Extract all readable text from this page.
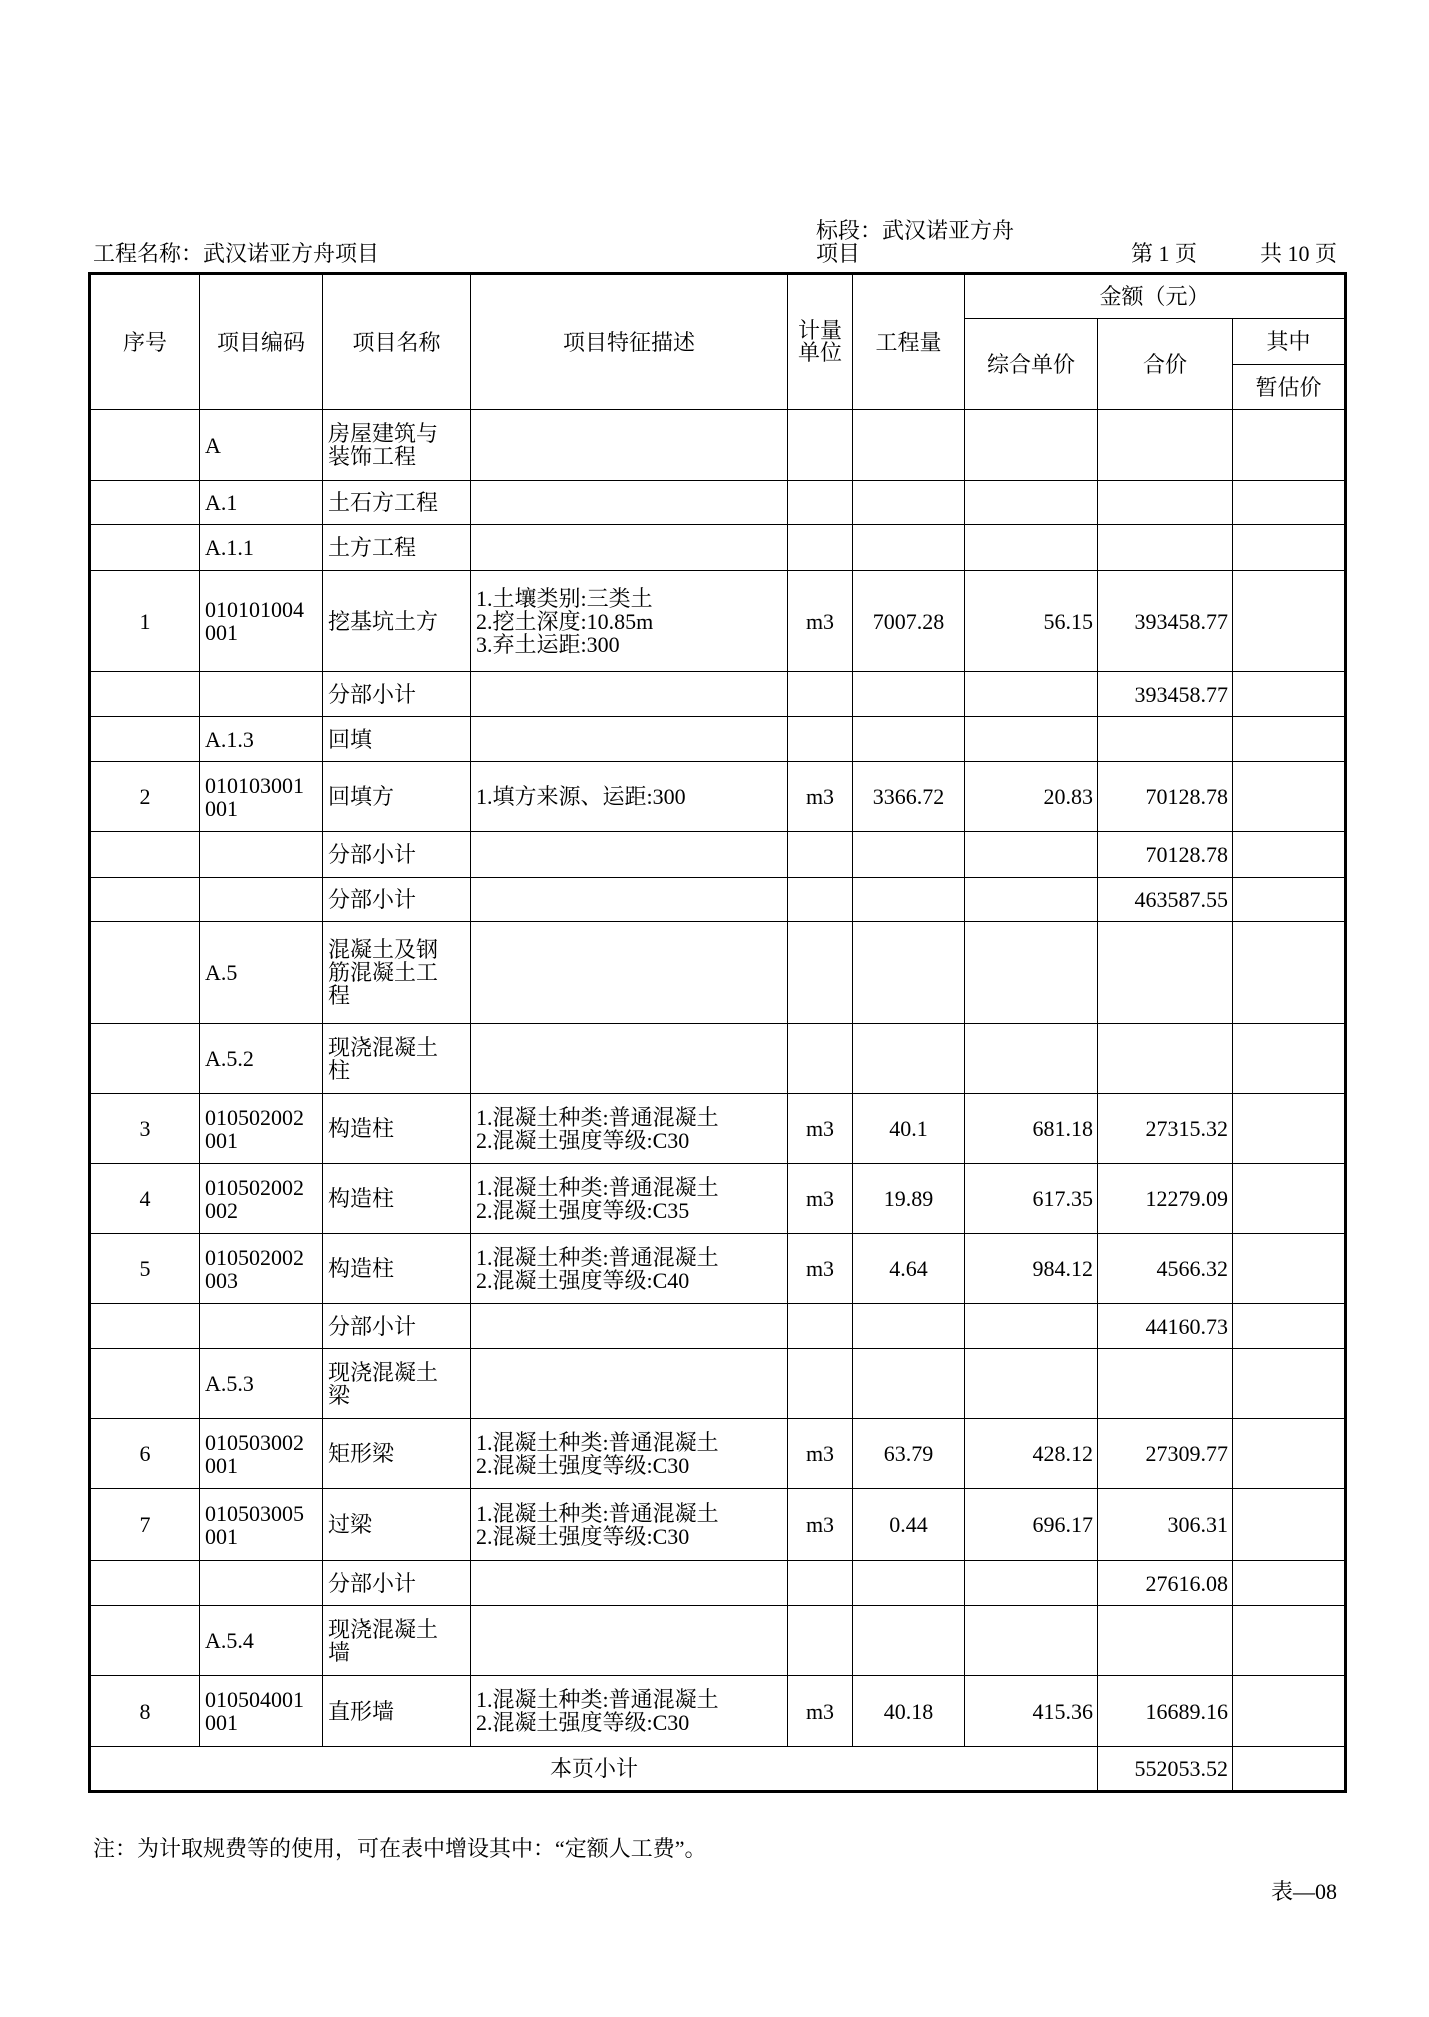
工程名称：武汉诺亚方舟项目
标段：武汉诺亚方舟项目	第 1 页	共 10 页
序号	项目编码	项目名称	项目特征描述	计量单位	工程量	金额（元）		
						综合单价	合价	其中
								暂估价
	A	房屋建筑与装饰工程						
	A.1	土石方工程						
	A.1.1	土方工程						
1	010101004001	挖基坑土方	1.土壤类别:三类土
2.挖土深度:10.85m
3.弃土运距:300	m3	7007.28	56.15	393458.77	
		分部小计					393458.77	
	A.1.3	回填						
2	010103001001	回填方	1.填方来源、运距:300	m3	3366.72	20.83	70128.78	
		分部小计					70128.78	
		分部小计					463587.55	
	A.5	混凝土及钢筋混凝土工程						
	A.5.2	现浇混凝土柱						
3	010502002001	构造柱	1.混凝土种类:普通混凝土
2.混凝土强度等级:C30	m3	40.1	681.18	27315.32	
4	010502002002	构造柱	1.混凝土种类:普通混凝土
2.混凝土强度等级:C35	m3	19.89	617.35	12279.09	
5	010502002003	构造柱	1.混凝土种类:普通混凝土
2.混凝土强度等级:C40	m3	4.64	984.12	4566.32	
		分部小计					44160.73	
	A.5.3	现浇混凝土梁						
6	010503002001	矩形梁	1.混凝土种类:普通混凝土
2.混凝土强度等级:C30	m3	63.79	428.12	27309.77	
7	010503005001	过梁	1.混凝土种类:普通混凝土
2.混凝土强度等级:C30	m3	0.44	696.17	306.31	
		分部小计					27616.08	
	A.5.4	现浇混凝土墙						
8	010504001001	直形墙	1.混凝土种类:普通混凝土
2.混凝土强度等级:C30	m3	40.18	415.36	16689.16	
本页小计							552053.52	
注：为计取规费等的使用，可在表中增设其中：“定额人工费”。
表—08
